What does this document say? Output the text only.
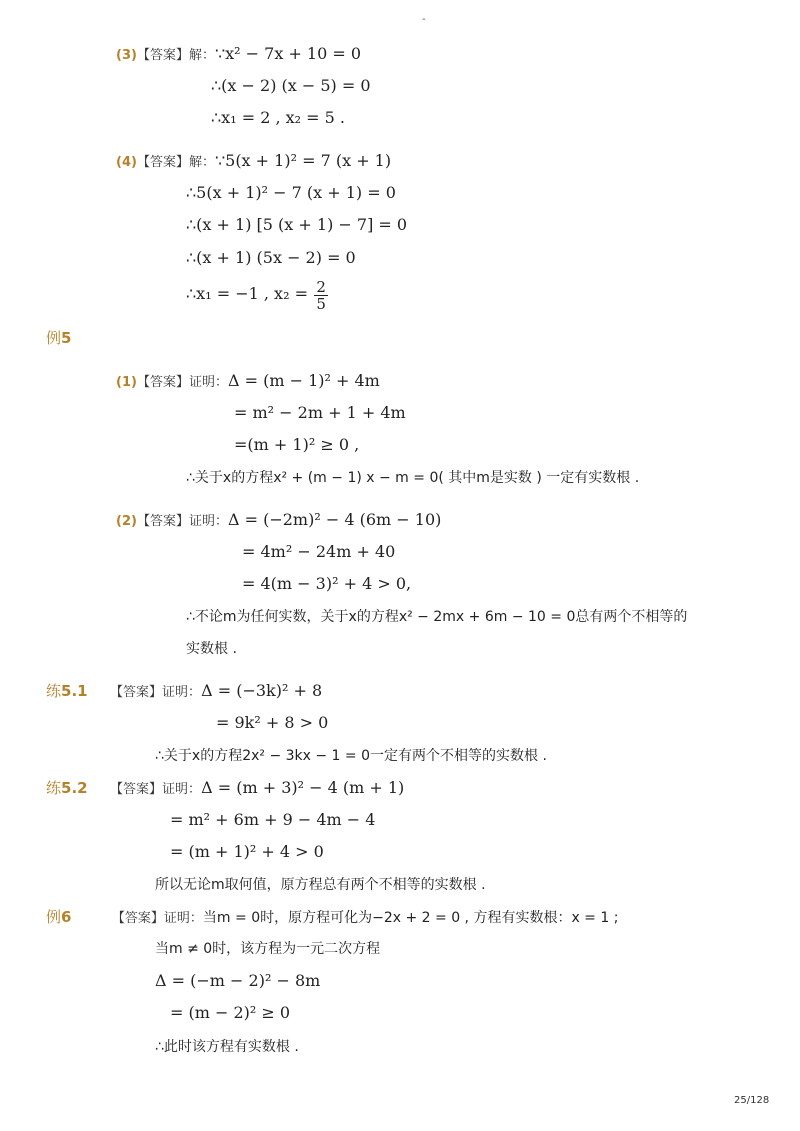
-
(3)【答案】解：∵x² − 7x + 10 = 0
∴(x − 2) (x − 5) = 0
∴x₁ = 2 , x₂ = 5 .
(4)【答案】解：∵5(x + 1)² = 7 (x + 1)
∴5(x + 1)² − 7 (x + 1) = 0
∴(x + 1) [5 (x + 1) − 7] = 0
∴(x + 1) (5x − 2) = 0
∴x₁ = −1 , $x_2 = \frac{2}{5}$
例5
(1)【答案】证明：Δ = (m − 1)² + 4m
= m² − 2m + 1 + 4m
=(m + 1)² ≥ 0 ,
∴关于x的方程x² + (m − 1) x − m = 0( 其中m是实数 ) 一定有实数根 .
(2)【答案】证明：Δ = (−2m)² − 4 (6m − 10)
= 4m² − 24m + 40
= 4(m − 3)² + 4 > 0,
∴不论m为任何实数，关于x的方程x² − 2mx + 6m − 10 = 0总有两个不相等的
实数根 .
练5.1 【答案】证明：Δ = (−3k)² + 8
= 9k² + 8 > 0
∴关于x的方程2x² − 3kx − 1 = 0一定有两个不相等的实数根 .
练5.2 【答案】证明：Δ = (m + 3)² − 4 (m + 1)
= m² + 6m + 9 − 4m − 4
= (m + 1)² + 4 > 0
所以无论m取何值，原方程总有两个不相等的实数根 .
例6	【答案】证明：当m = 0时，原方程可化为−2x + 2 = 0 , 方程有实数根：x = 1 ;
当m ≠ 0时，该方程为一元二次方程
Δ = (−m − 2)² − 8m
= (m − 2)² ≥ 0
∴此时该方程有实数根 .
25/128
